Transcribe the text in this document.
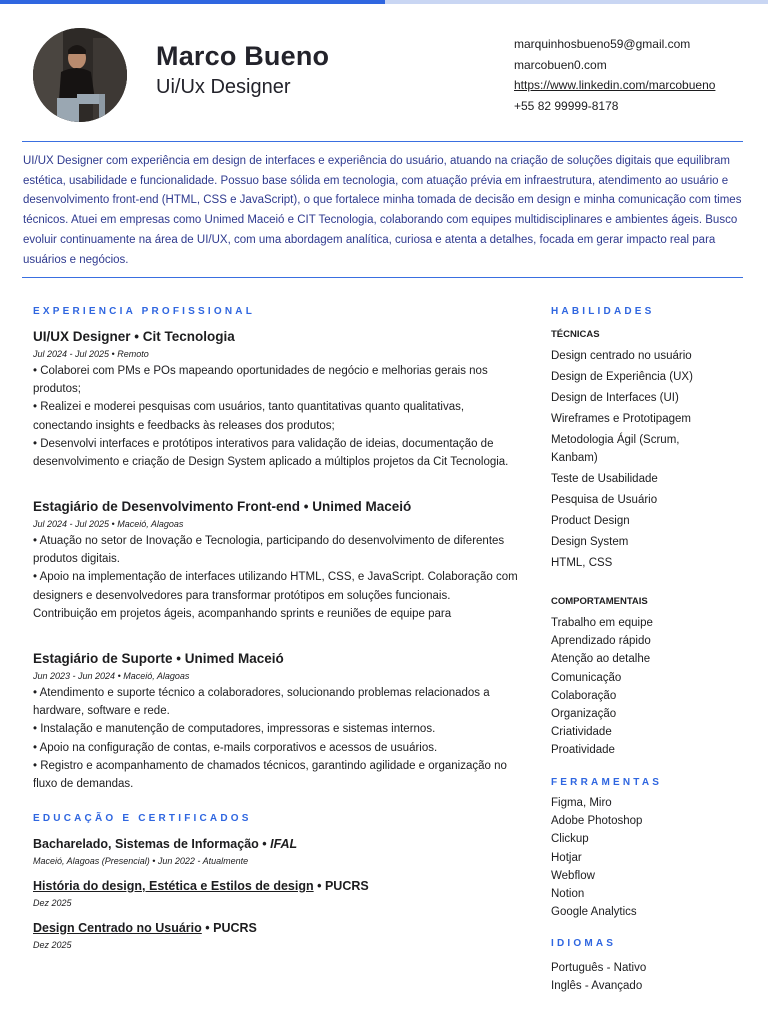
Marco Bueno
Ui/Ux Designer
marquinhosbueno59@gmail.com
marcobuen0.com
https://www.linkedin.com/marcobueno
+55 82 99999-8178
UI/UX Designer com experiência em design de interfaces e experiência do usuário, atuando na criação de soluções digitais que equilibram estética, usabilidade e funcionalidade. Possuo base sólida em tecnologia, com atuação prévia em infraestrutura, atendimento ao usuário e desenvolvimento front-end (HTML, CSS e JavaScript), o que fortalece minha tomada de decisão em design e minha comunicação com times técnicos. Atuei em empresas como Unimed Maceió e CIT Tecnologia, colaborando com equipes multidisciplinares e ambientes ágeis. Busco evoluir continuamente na área de UI/UX, com uma abordagem analítica, curiosa e atenta a detalhes, focada em gerar impacto real para usuários e negócios.
EXPERIENCIA PROFISSIONAL
UI/UX Designer • Cit Tecnologia
Jul 2024 - Jul 2025 • Remoto
• Colaborei com PMs e POs mapeando oportunidades de negócio e melhorias gerais nos produtos;
• Realizei e moderei pesquisas com usuários, tanto quantitativas quanto qualitativas, conectando insights e feedbacks às releases dos produtos;
• Desenvolvi interfaces e protótipos interativos para validação de ideias, documentação de desenvolvimento e criação de Design System aplicado a múltiplos projetos da Cit Tecnologia.
Estagiário de Desenvolvimento Front-end • Unimed Maceió
Jul 2024 - Jul 2025 • Maceió, Alagoas
• Atuação no setor de Inovação e Tecnologia, participando do desenvolvimento de diferentes produtos digitais.
• Apoio na implementação de interfaces utilizando HTML, CSS, e JavaScript. Colaboração com designers e desenvolvedores para transformar protótipos em soluções funcionais.
Contribuição em projetos ágeis, acompanhando sprints e reuniões de equipe para
Estagiário de Suporte • Unimed Maceió
Jun 2023 - Jun 2024 • Maceió, Alagoas
• Atendimento e suporte técnico a colaboradores, solucionando problemas relacionados a hardware, software e rede.
• Instalação e manutenção de computadores, impressoras e sistemas internos.
• Apoio na configuração de contas, e-mails corporativos e acessos de usuários.
• Registro e acompanhamento de chamados técnicos, garantindo agilidade e organização no fluxo de demandas.
EDUCAÇÃO E CERTIFICADOS
Bacharelado, Sistemas de Informação • IFAL
Maceió, Alagoas (Presencial) • Jun 2022 - Atualmente
História do design, Estética e Estilos de design • PUCRS
Dez 2025
Design Centrado no Usuário • PUCRS
Dez 2025
HABILIDADES
TÉCNICAS
Design centrado no usuário
Design de Experiência (UX)
Design de Interfaces (UI)
Wireframes e Prototipagem
Metodologia Ágil (Scrum, Kanbam)
Teste de Usabilidade
Pesquisa de Usuário
Product Design
Design System
HTML, CSS
COMPORTAMENTAIS
Trabalho em equipe
Aprendizado rápido
Atenção ao detalhe
Comunicação
Colaboração
Organização
Criatividade
Proatividade
FERRAMENTAS
Figma, Miro
Adobe Photoshop
Clickup
Hotjar
Webflow
Notion
Google Analytics
IDIOMAS
Português - Nativo
Inglês - Avançado
